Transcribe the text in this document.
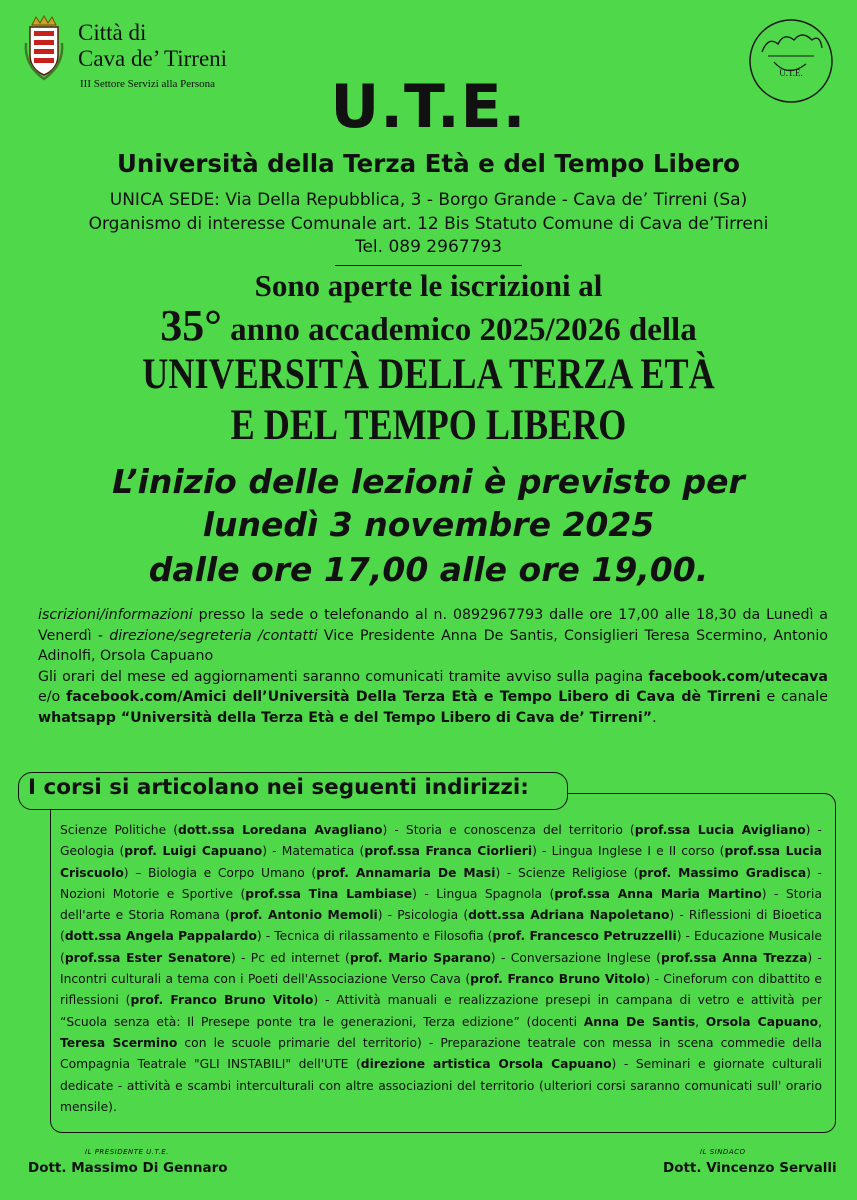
Città di
Cava de’ Tirreni
III Settore Servizi alla Persona
U.T.E.
U.T.E.
Università della Terza Età e del Tempo Libero
UNICA SEDE: Via Della Repubblica, 3 - Borgo Grande - Cava de’ Tirreni (Sa)
Organismo di interesse Comunale art. 12 Bis Statuto Comune di Cava de’Tirreni
Tel. 089 2967793
Sono aperte le iscrizioni al
35° anno accademico 2025/2026 della
UNIVERSITÀ DELLA TERZA ETÀ
E DEL TEMPO LIBERO
L’inizio delle lezioni è previsto per
lunedì 3 novembre 2025
dalle ore 17,00 alle ore 19,00.
iscrizioni/informazioni presso la sede o telefonando al n. 0892967793 dalle ore 17,00 alle 18,30 da Lunedì a Venerdì - direzione/segreteria /contatti Vice Presidente Anna De Santis, Consiglieri Teresa Scermino, Antonio Adinolfi, Orsola Capuano
Gli orari del mese ed aggiornamenti saranno comunicati tramite avviso sulla pagina facebook.com/utecava e/o facebook.com/Amici dell’Università Della Terza Età e Tempo Libero di Cava dè Tirreni e canale whatsapp “Università della Terza Età e del Tempo Libero di Cava de’ Tirreni”.
I corsi si articolano nei seguenti indirizzi:
Scienze Politiche (dott.ssa Loredana Avagliano) - Storia e conoscenza del territorio (prof.ssa Lucia Avigliano) - Geologia (prof. Luigi Capuano) - Matematica (prof.ssa Franca Ciorlieri) - Lingua Inglese I e II corso (prof.ssa Lucia Criscuolo) – Biologia e Corpo Umano (prof. Annamaria De Masi) - Scienze Religiose (prof. Massimo Gradisca) - Nozioni Motorie e Sportive (prof.ssa Tina Lambiase) - Lingua Spagnola (prof.ssa Anna Maria Martino) - Storia dell'arte e Storia Romana (prof. Antonio Memoli) - Psicologia (dott.ssa Adriana Napoletano) - Riflessioni di Bioetica (dott.ssa Angela Pappalardo) - Tecnica di rilassamento e Filosofia (prof. Francesco Petruzzelli) - Educazione Musicale (prof.ssa Ester Senatore) - Pc ed internet (prof. Mario Sparano) - Conversazione Inglese (prof.ssa Anna Trezza) - Incontri culturali a tema con i Poeti dell'Associazione Verso Cava (prof. Franco Bruno Vitolo) - Cineforum con dibattito e riflessioni (prof. Franco Bruno Vitolo) - Attività manuali e realizzazione presepi in campana di vetro e attività per “Scuola senza età: Il Presepe ponte tra le generazioni, Terza edizione” (docenti Anna De Santis, Orsola Capuano, Teresa Scermino con le scuole primarie del territorio) - Preparazione teatrale con messa in scena commedie della Compagnia Teatrale "GLI INSTABILI" dell'UTE (direzione artistica Orsola Capuano) - Seminari e giornate culturali dedicate - attività e scambi interculturali con altre associazioni del territorio (ulteriori corsi saranno comunicati sull' orario mensile).
IL PRESIDENTE U.T.E.
Dott. Massimo Di Gennaro
IL SINDACO
Dott. Vincenzo Servalli
